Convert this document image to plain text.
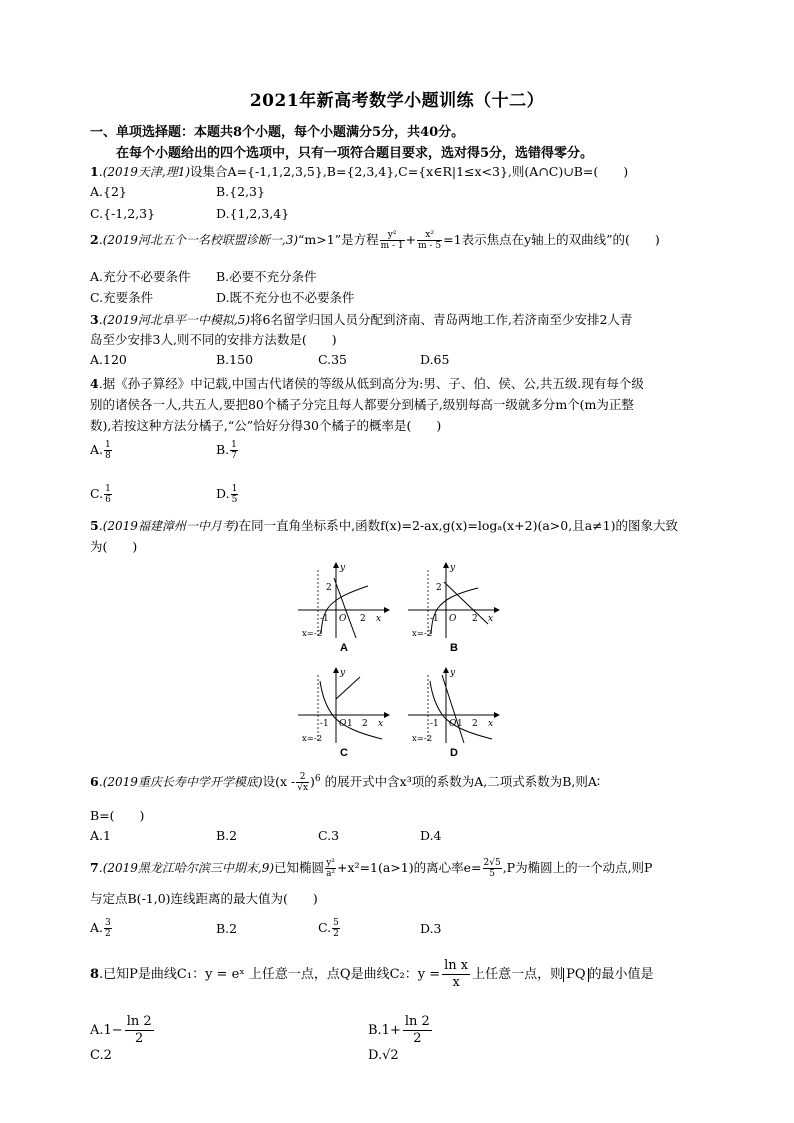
2021年新高考数学小题训练（十二）
一、单项选择题：本题共8个小题，每个小题满分5分，共40分。
在每个小题给出的四个选项中，只有一项符合题目要求，选对得5分，选错得零分。
1.(2019天津,理1)设集合A={-1,1,2,3,5},B={2,3,4},C={x∈R|1≤x<3},则(A∩C)∪B=(　　)
A.{2}	B.{2,3}
C.{-1,2,3}	D.{1,2,3,4}
2.(2019河北五个一名校联盟诊断一,3)“m>1”是方程 $\frac{\text{y²}}{m - 1} + \frac{\text{x²}}{m - 5} =1$表示焦点在y轴上的双曲线”的(　　)
A.充分不必要条件 B.必要不充分条件
C.充要条件	D.既不充分也不必要条件
3.(2019河北阜平一中模拟,5)将6名留学归国人员分配到济南、青岛两地工作,若济南至少安排2人青
岛至少安排3人,则不同的安排方法数是(　　)
A.120	B.150	C.35	D.65
4.据《孙子算经》中记载,中国古代诸侯的等级从低到高分为:男、子、伯、侯、公,共五级.现有每个级
别的诸侯各一人,共五人,要把80个橘子分完且每人都要分到橘子,级别每高一级就多分m个(m为正整
数),若按这种方法分橘子,“公”恰好分得30个橘子的概率是(　　)
A. $\frac{1}{8}$	B. $\frac{1}{7}$
C. $\frac{1}{6}$	D. $\frac{1}{5}$
5.(2019福建漳州一中月考)在同一直角坐标系中,函数f(x)=2-ax,g(x)=logₐ(x+2)(a>0,且a≠1)的图象大致
为(　　)
2
y
-1 O 2 x
x=-2
A
2
y
-1 O 2 x
x=-2
B
y
-1 O 1 2 x
x=-2
C
y
-1 O 1 2 x
x=-2
D
6.(2019重庆长寿中学开学模底)设$(x - \frac{2}{√x} )^6$ 的展开式中含x³项的系数为A,二项式系数为B,则A∶
B=(　　)
A.1	B.2	C.3	D.4
7.(2019黑龙江哈尔滨三中期末,9)已知椭圆 $\frac{\text{y²}}{\text{a²}} +x^2=1(a>1)$的离心率$e= \frac{2√5}{5} ,P$为椭圆上的一个动点,则P
与定点B(-1,0)连线距离的最大值为(　　)
A. $\frac{3}{2}$	B.2	C. $\frac{5}{2}$	D.3
8.已知P是曲线C₁：y = eˣ 上任意一点，点Q是曲线C₂：$y = \frac{\text{ln x}}{x}$ 上任意一点，则 PQ 的最小值是
$A.1- \frac{\ln 2}{2}$	$B.1+ \frac{\ln 2}{2}$
C.2	D.√2
